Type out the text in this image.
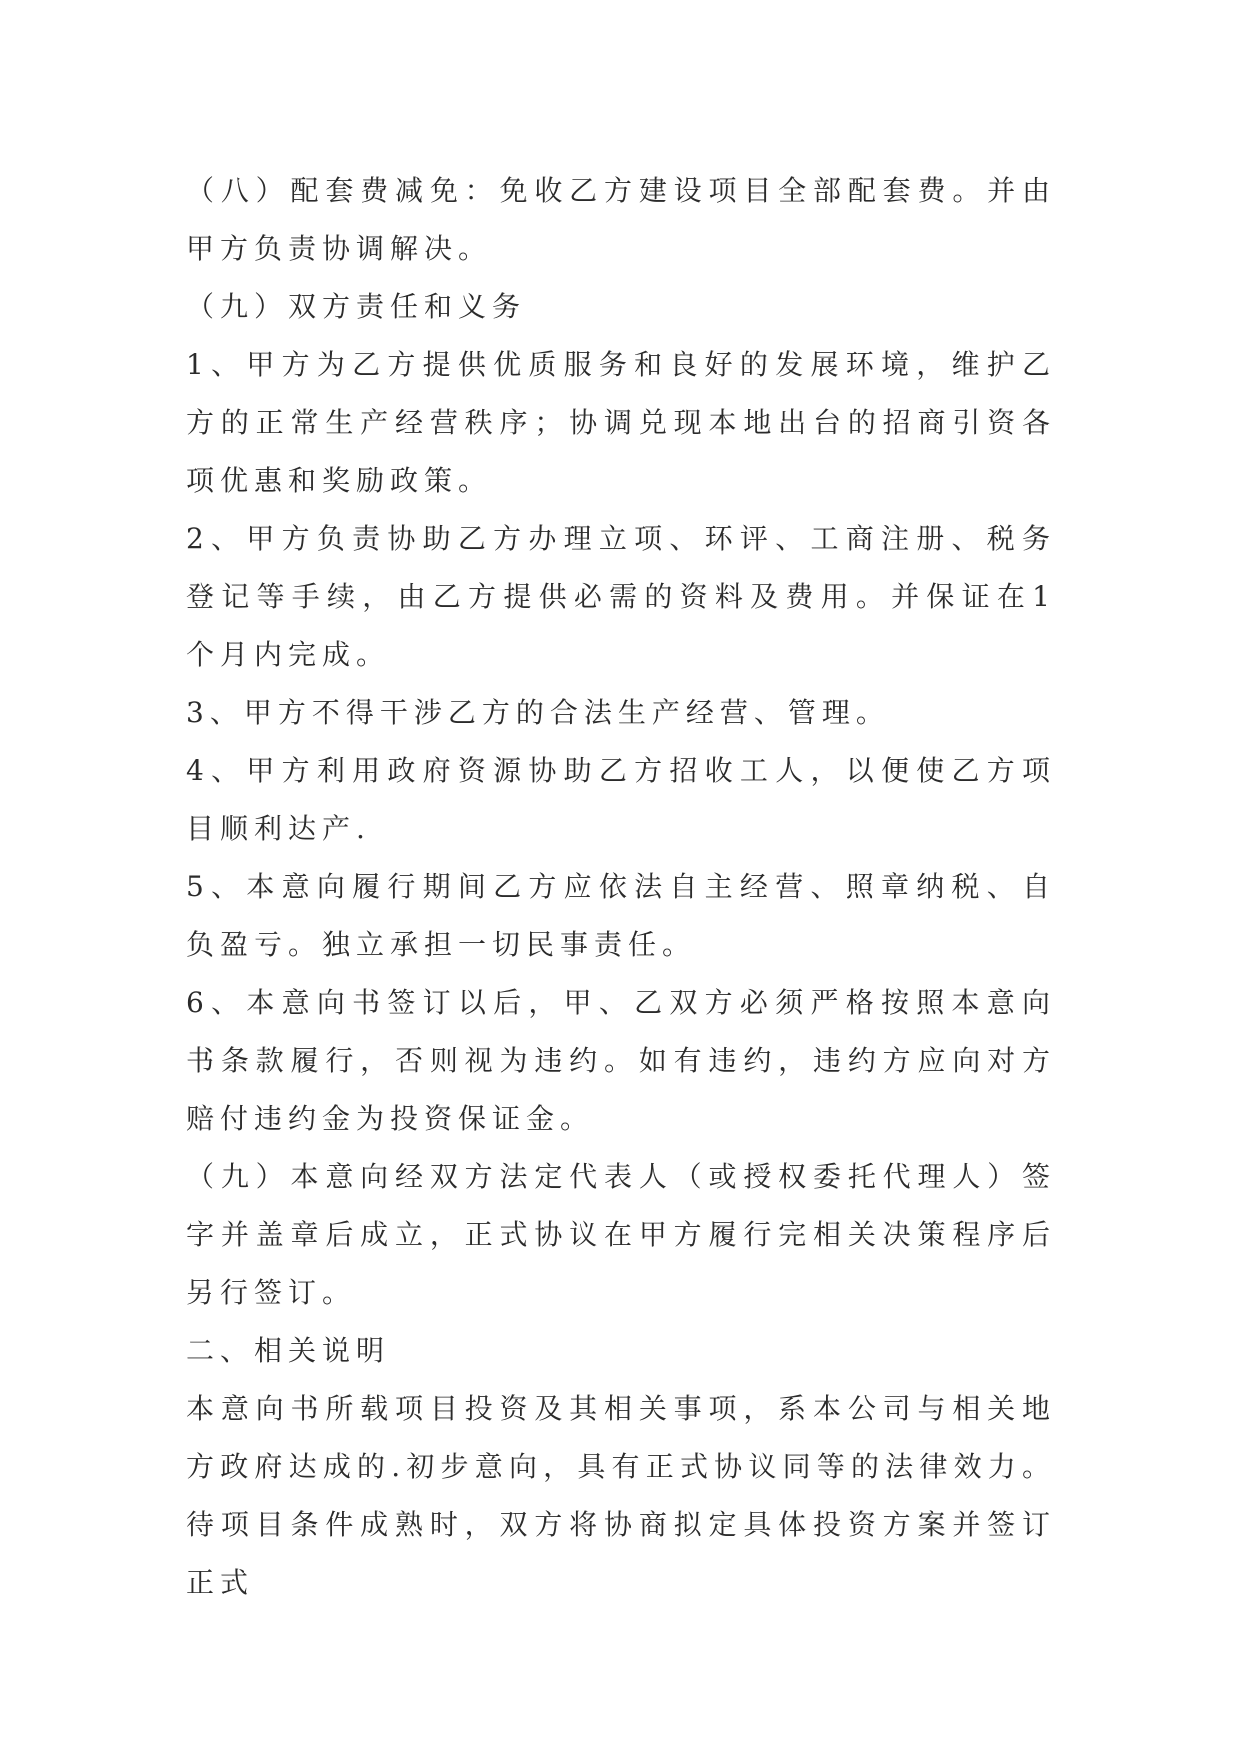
（八）配套费减免：免收乙方建设项目全部配套费。并由甲方负责协调解决。

（九）双方责任和义务

1、甲方为乙方提供优质服务和良好的发展环境，维护乙方的正常生产经营秩序；协调兑现本地出台的招商引资各项优惠和奖励政策。

2、甲方负责协助乙方办理立项、环评、工商注册、税务登记等手续，由乙方提供必需的资料及费用。并保证在1个月内完成。

3、甲方不得干涉乙方的合法生产经营、管理。

4、甲方利用政府资源协助乙方招收工人，以便使乙方项目顺利达产.

5、本意向履行期间乙方应依法自主经营、照章纳税、自负盈亏。独立承担一切民事责任。

6、本意向书签订以后，甲、乙双方必须严格按照本意向书条款履行，否则视为违约。如有违约，违约方应向对方赔付违约金为投资保证金。

（九）本意向经双方法定代表人（或授权委托代理人）签字并盖章后成立，正式协议在甲方履行完相关决策程序后另行签订。

二、相关说明

本意向书所载项目投资及其相关事项，系本公司与相关地方政府达成的.初步意向，具有正式协议同等的法律效力。待项目条件成熟时，双方将协商拟定具体投资方案并签订正式
